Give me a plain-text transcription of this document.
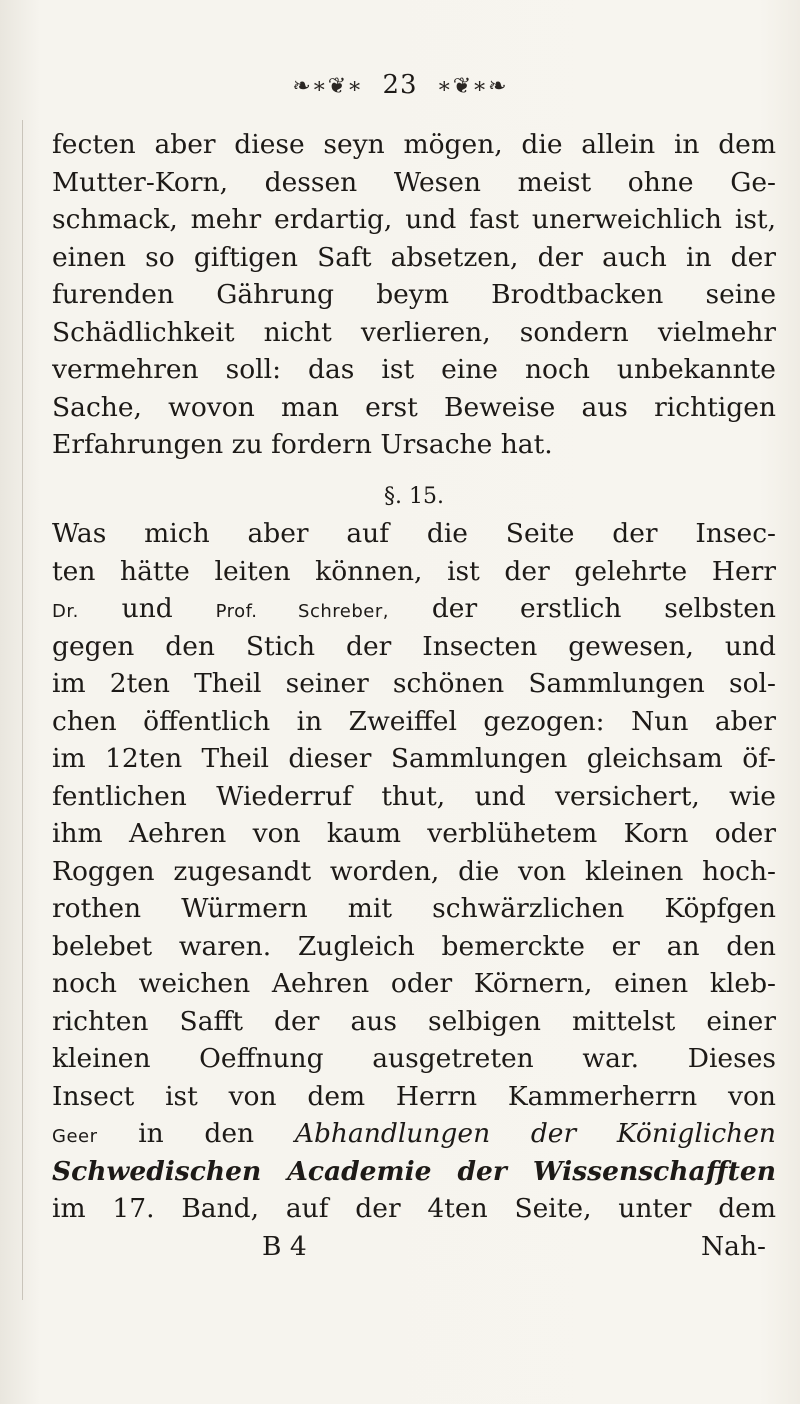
❧∗❦∗ 23 ∗❦∗❧
fecten aber diese seyn mögen, die allein in dem
Mutter-Korn, dessen Wesen meist ohne Ge-
schmack, mehr erdartig, und fast unerweichlich ist,
einen so giftigen Saft absetzen, der auch in der
furenden Gährung beym Brodtbacken seine
Schädlichkeit nicht verlieren, sondern vielmehr
vermehren soll: das ist eine noch unbekannte
Sache, wovon man erst Beweise aus richtigen
Erfahrungen zu fordern Ursache hat.
§. 15.
Was mich aber auf die Seite der Insec-
ten hätte leiten können, ist der gelehrte Herr
Dr. und Prof. Schreber, der erstlich selbsten
gegen den Stich der Insecten gewesen, und
im 2ten Theil seiner schönen Sammlungen sol-
chen öffentlich in Zweiffel gezogen: Nun aber
im 12ten Theil dieser Sammlungen gleichsam öf-
fentlichen Wiederruf thut, und versichert, wie
ihm Aehren von kaum verblühetem Korn oder
Roggen zugesandt worden, die von kleinen hoch-
rothen Würmern mit schwärzlichen Köpfgen
belebet waren. Zugleich bemerckte er an den
noch weichen Aehren oder Körnern, einen kleb-
richten Safft der aus selbigen mittelst einer
kleinen Oeffnung ausgetreten war. Dieses
Insect ist von dem Herrn Kammerherrn von
Geer in den Abhandlungen der Königlichen
Schwedischen Academie der Wissenschafften
im 17. Band, auf der 4ten Seite, unter dem
B 4	Nah-
